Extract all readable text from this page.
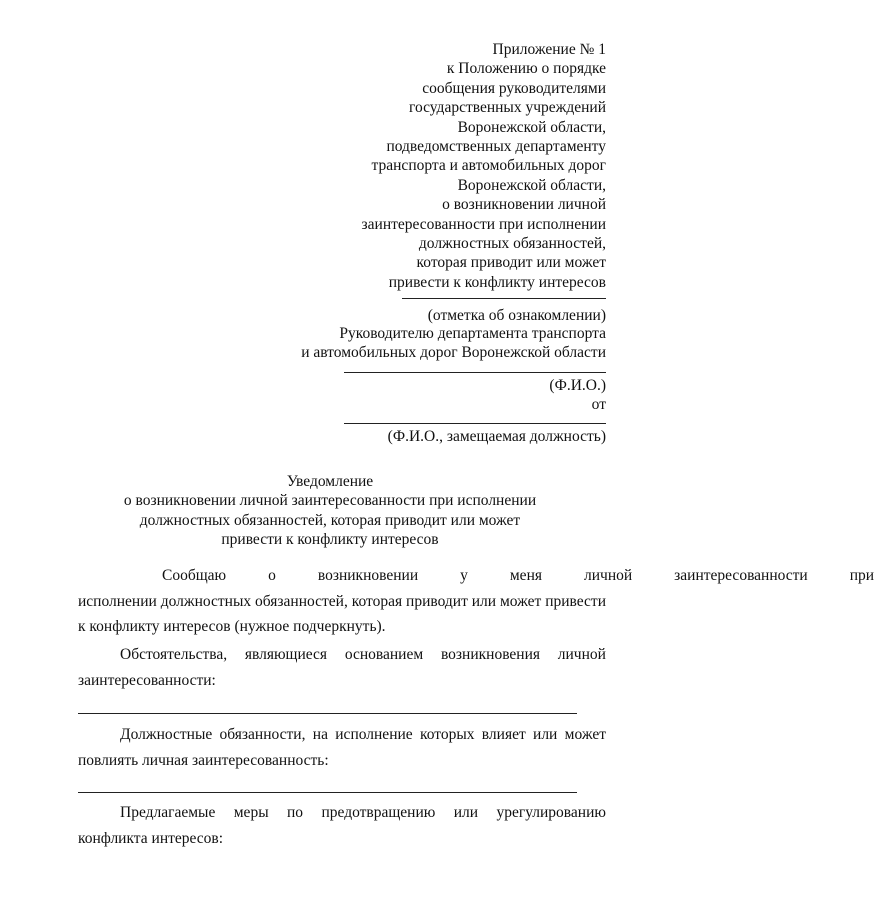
Приложение № 1
к Положению о порядке
сообщения руководителями
государственных учреждений
Воронежской области,
подведомственных департаменту
транспорта и автомобильных дорог
Воронежской области,
о возникновении личной
заинтересованности при исполнении
должностных обязанностей,
которая приводит или может
привести к конфликту интересов
(отметка об ознакомлении)
Руководителю департамента транспорта
и автомобильных дорог Воронежской области
(Ф.И.О.)
от
(Ф.И.О., замещаемая должность)
Уведомление
о возникновении личной заинтересованности при исполнении
должностных обязанностей, которая приводит или может
привести к конфликту интересов
Сообщаю	о	возникновении	у	меня	личной	заинтересованности	при
исполнении должностных обязанностей, которая приводит или может привести к конфликту интересов (нужное подчеркнуть).
Обстоятельства, являющиеся основанием возникновения личной
заинтересованности:
Должностные обязанности, на исполнение которых влияет или может
повлиять личная заинтересованность:
Предлагаемые меры по предотвращению или урегулированию
конфликта интересов:
